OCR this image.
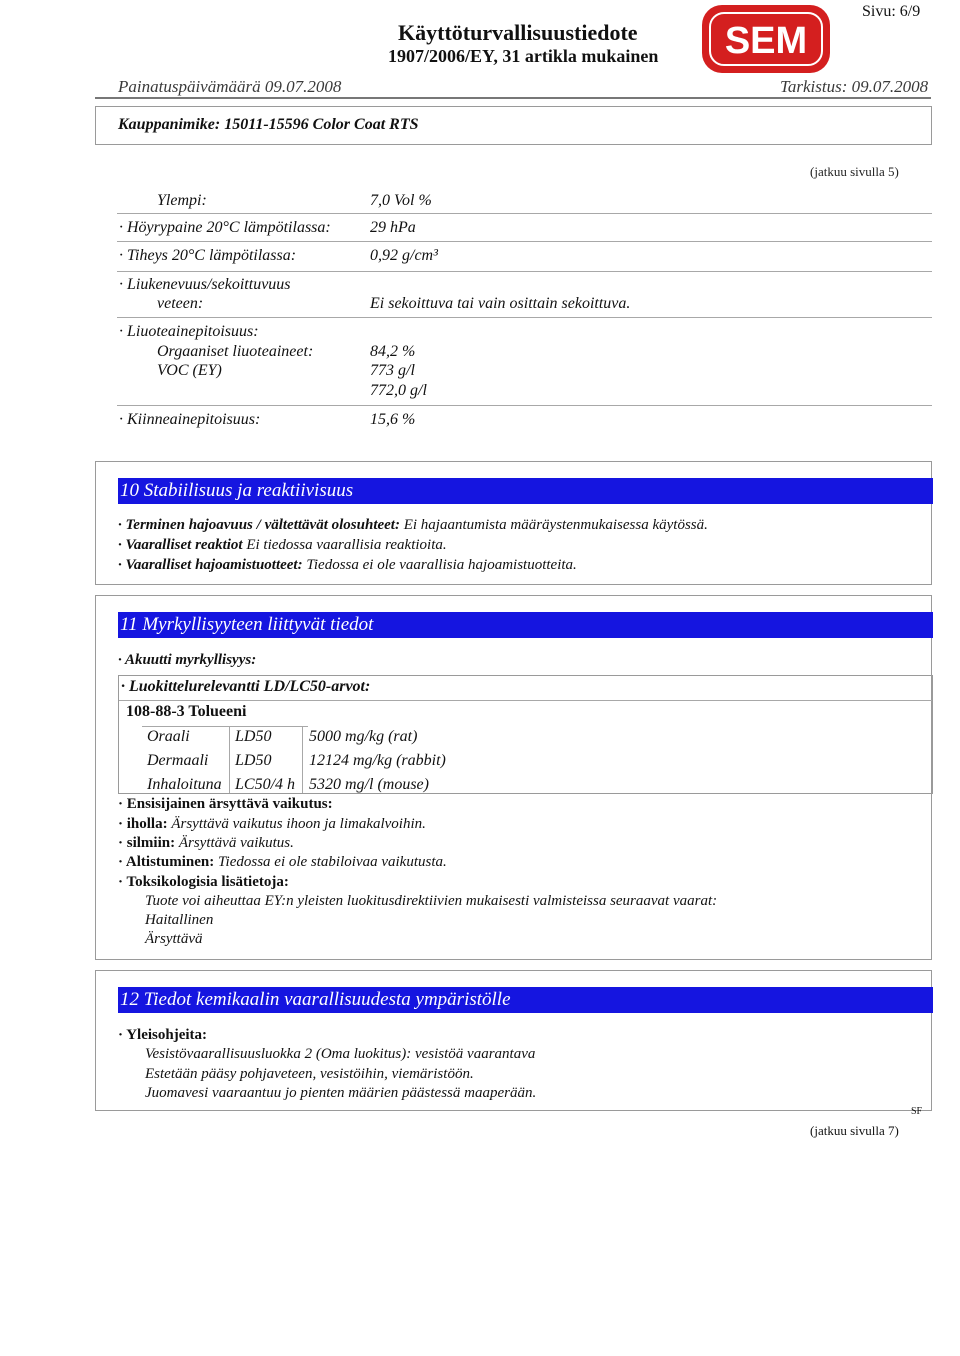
Käyttöturvallisuustiedote
1907/2006/EY, 31 artikla mukainen SEM
Sivu: 6/9
Painatuspäivämäärä 09.07.2008	Tarkistus: 09.07.2008
Kauppanimike: 15011-15596 Color Coat RTS
(jatkuu sivulla 5)
Ylempi:	7,0 Vol %
· Höyrypaine 20°C lämpötilassa: 29 hPa
· Tiheys 20°C lämpötilassa:	0,92 g/cm³
· Liukenevuus/sekoittuvuus
veteen:	Ei sekoittuva tai vain osittain sekoittuva.
· Liuoteainepitoisuus:
Orgaaniset liuoteaineet:	84,2 %
VOC (EY)	773 g/l
772,0 g/l
· Kiinneainepitoisuus:	15,6 %
10 Stabiilisuus ja reaktiivisuus
· Terminen hajoavuus / vältettävät olosuhteet: Ei hajaantumista määräystenmukaisessa käytössä.
· Vaaralliset reaktiot Ei tiedossa vaarallisia reaktioita.
· Vaaralliset hajoamistuotteet: Tiedossa ei ole vaarallisia hajoamistuotteita.
11 Myrkyllisyyteen liittyvät tiedot
· Akuutti myrkyllisyys:
· Luokittelurelevantti LD/LC50-arvot:
108-88-3 Tolueeni
Oraali	LD50 5000 mg/kg (rat)
Dermaali LD50 12124 mg/kg (rabbit)
Inhaloituna LC50/4 h 5320 mg/l (mouse)
· Ensisijainen ärsyttävä vaikutus:
· iholla: Ärsyttävä vaikutus ihoon ja limakalvoihin.
· silmiin: Ärsyttävä vaikutus.
· Altistuminen: Tiedossa ei ole stabiloivaa vaikutusta.
· Toksikologisia lisätietoja:
Tuote voi aiheuttaa EY:n yleisten luokitusdirektiivien mukaisesti valmisteissa seuraavat vaarat:
Haitallinen
Ärsyttävä
12 Tiedot kemikaalin vaarallisuudesta ympäristölle
· Yleisohjeita:
Vesistövaarallisuusluokka 2 (Oma luokitus): vesistöä vaarantava
Estetään pääsy pohjaveteen, vesistöihin, viemäristöön.
Juomavesi vaaraantuu jo pienten määrien päästessä maaperään.
SF
(jatkuu sivulla 7)
